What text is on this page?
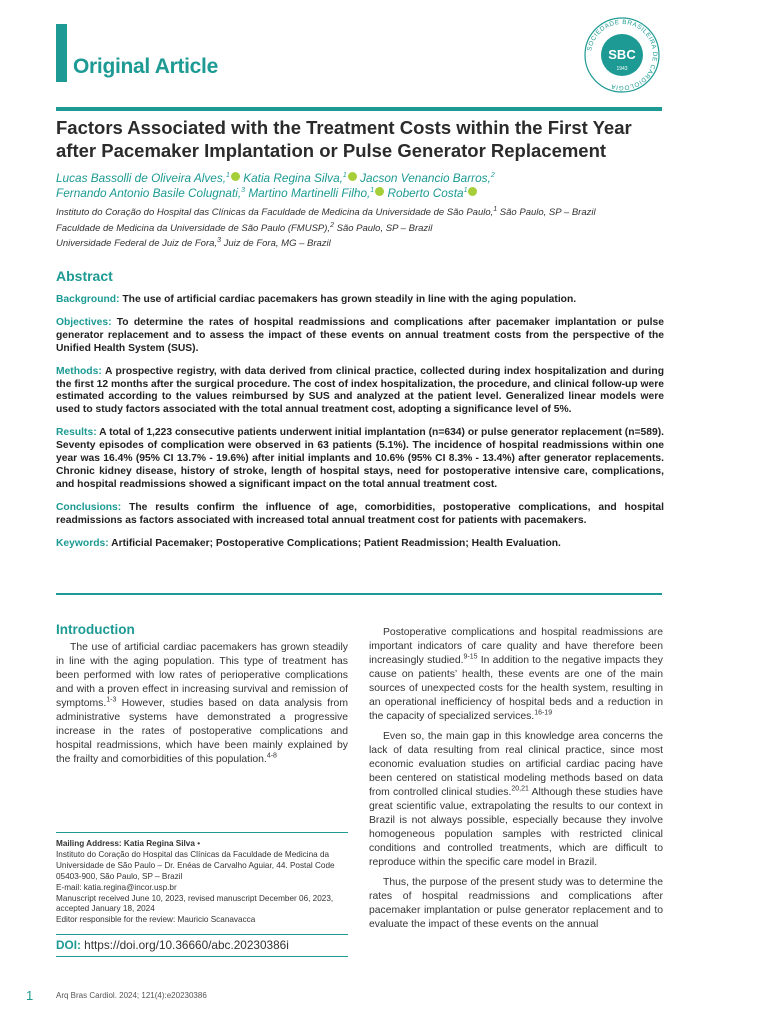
Original Article
SOCIEDADE BRASILEIRA DE CARDIOLOGIA
SBC
1943
Factors Associated with the Treatment Costs within the First Year after Pacemaker Implantation or Pulse Generator Replacement
Lucas Bassolli de Oliveira Alves,$^1$ Katia Regina Silva,$^1$ Jacson Venancio Barros,$^2$ Fernando Antonio Basile Colugnati,$^3$ Martino Martinelli Filho,$^1$ Roberto Costa$^1$
Instituto do Coração do Hospital das Clínicas da Faculdade de Medicina da Universidade de São Paulo,$^1$ São Paulo, SP – Brazil
Faculdade de Medicina da Universidade de São Paulo (FMUSP),$^2$ São Paulo, SP – Brazil
Universidade Federal de Juiz de Fora,$^3$ Juiz de Fora, MG – Brazil
Abstract

Background: The use of artificial cardiac pacemakers has grown steadily in line with the aging population.

Objectives: To determine the rates of hospital readmissions and complications after pacemaker implantation or pulse generator replacement and to assess the impact of these events on annual treatment costs from the perspective of the Unified Health System (SUS).

Methods: A prospective registry, with data derived from clinical practice, collected during index hospitalization and during the first 12 months after the surgical procedure. The cost of index hospitalization, the procedure, and clinical follow-up were estimated according to the values reimbursed by SUS and analyzed at the patient level. Generalized linear models were used to study factors associated with the total annual treatment cost, adopting a significance level of 5%.

Results: A total of 1,223 consecutive patients underwent initial implantation (n=634) or pulse generator replacement (n=589). Seventy episodes of complication were observed in 63 patients (5.1%). The incidence of hospital readmissions within one year was 16.4% (95% CI 13.7% - 19.6%) after initial implants and 10.6% (95% CI 8.3% - 13.4%) after generator replacements. Chronic kidney disease, history of stroke, length of hospital stays, need for postoperative intensive care, complications, and hospital readmissions showed a significant impact on the total annual treatment cost.

Conclusions: The results confirm the influence of age, comorbidities, postoperative complications, and hospital readmissions as factors associated with increased total annual treatment cost for patients with pacemakers.

Keywords: Artificial Pacemaker; Postoperative Complications; Patient Readmission; Health Evaluation.

Introduction

The use of artificial cardiac pacemakers has grown steadily in line with the aging population. This type of treatment has been performed with low rates of perioperative complications and with a proven effect in increasing survival and remission of symptoms.$^{1-3}$ However, studies based on data analysis from administrative systems have demonstrated a progressive increase in the rates of postoperative complications and hospital readmissions, which have been mainly explained by the frailty and comorbidities of this population.$^{4-8}$

Postoperative complications and hospital readmissions are important indicators of care quality and have therefore been increasingly studied.$^{9-15}$ In addition to the negative impacts they cause on patients’ health, these events are one of the main sources of unexpected costs for the health system, resulting in an operational inefficiency of hospital beds and a reduction in the capacity of specialized services.$^{16-19}$

Even so, the main gap in this knowledge area concerns the lack of data resulting from real clinical practice, since most economic evaluation studies on artificial cardiac pacing have been centered on statistical modeling methods based on data from controlled clinical studies.$^{20,21}$ Although these studies have great scientific value, extrapolating the results to our context in Brazil is not always possible, especially because they involve homogeneous population samples with restricted clinical conditions and controlled treatments, which are difficult to reproduce within the specific care model in Brazil.

Thus, the purpose of the present study was to determine the rates of hospital readmissions and complications after pacemaker implantation or pulse generator replacement and to evaluate the impact of these events on the annual

Mailing Address: Katia Regina Silva •
Instituto do Coração do Hospital das Clínicas da Faculdade de Medicina da Universidade de São Paulo – Dr. Enéas de Carvalho Aguiar, 44. Postal Code 05403-900, São Paulo, SP – Brazil
E-mail: katia.regina@incor.usp.br
Manuscript received June 10, 2023, revised manuscript December 06, 2023, accepted January 18, 2024
Editor responsible for the review: Mauricio Scanavacca
DOI: https://doi.org/10.36660/abc.20230386i
1	Arq Bras Cardiol. 2024; 121(4):e20230386
